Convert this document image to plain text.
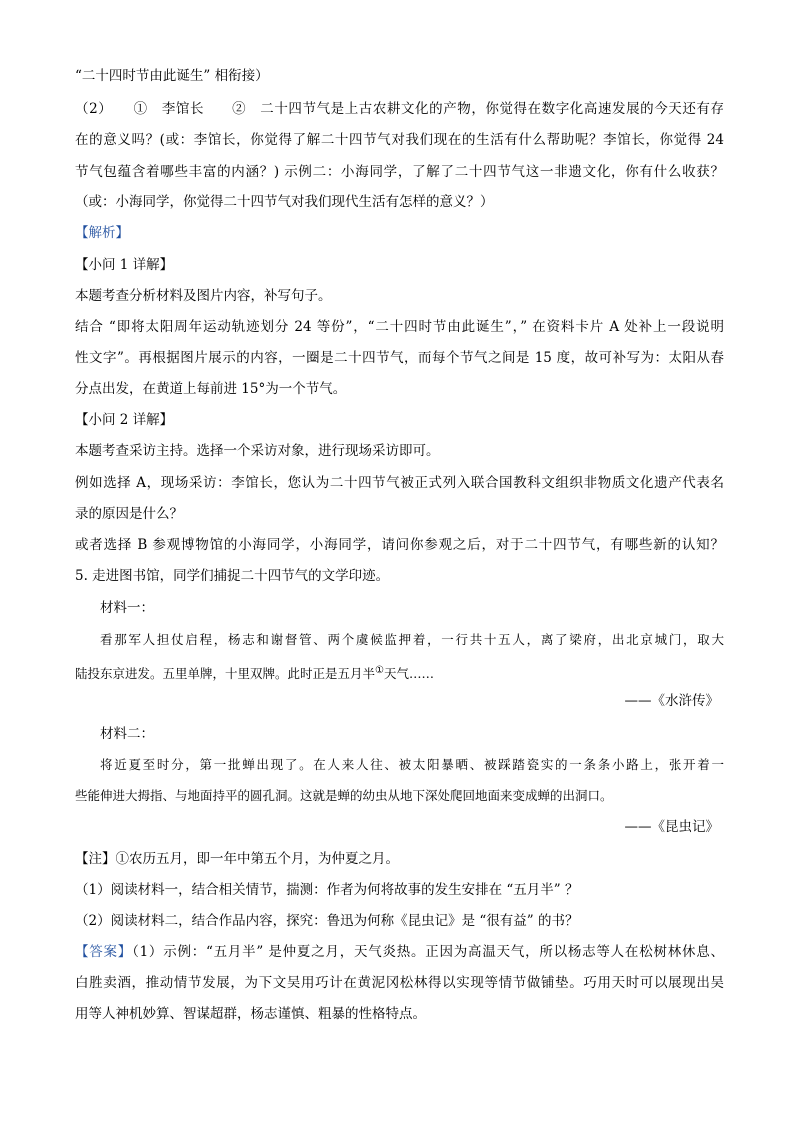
“二十四时节由此诞生” 相衔接）
（2）　　①　李馆长　　②　二十四节气是上古农耕文化的产物，你觉得在数字化高速发展的今天还有存
在的意义吗？(或：李馆长，你觉得了解二十四节气对我们现在的生活有什么帮助呢？李馆长，你觉得 24
节气包蕴含着哪些丰富的内涵？) 示例二：小海同学，了解了二十四节气这一非遗文化，你有什么收获？
（或：小海同学，你觉得二十四节气对我们现代生活有怎样的意义？）
【解析】
【小问 1 详解】
本题考查分析材料及图片内容，补写句子。
结合 “即将太阳周年运动轨迹划分 24 等份”，“二十四时节由此诞生”，” 在资料卡片 A 处补上一段说明
性文字”。再根据图片展示的内容，一圈是二十四节气，而每个节气之间是 15 度，故可补写为：太阳从春
分点出发，在黄道上每前进 15°为一个节气。
【小问 2 详解】
本题考查采访主持。选择一个采访对象，进行现场采访即可。
例如选择 A，现场采访：李馆长，您认为二十四节气被正式列入联合国教科文组织非物质文化遗产代表名
录的原因是什么？
或者选择 B 参观博物馆的小海同学，小海同学，请问你参观之后，对于二十四节气，有哪些新的认知？
5. 走进图书馆，同学们捕捉二十四节气的文学印迹。
材料一：
看那军人担仗启程，杨志和谢督管、两个虞候监押着，一行共十五人，离了梁府，出北京城门，取大
陆投东京进发。五里单牌，十里双牌。此时正是五月半①天气……
——《水浒传》
材料二：
将近夏至时分，第一批蝉出现了。在人来人往、被太阳暴晒、被踩踏瓷实的一条条小路上，张开着一
些能伸进大拇指、与地面持平的圆孔洞。这就是蝉的幼虫从地下深处爬回地面来变成蝉的出洞口。
——《昆虫记》
【注】①农历五月，即一年中第五个月，为仲夏之月。
（1）阅读材料一，结合相关情节，揣测：作者为何将故事的发生安排在 “五月半” ？
（2）阅读材料二，结合作品内容，探究：鲁迅为何称《昆虫记》是 “很有益” 的书？
【答案】（1）示例：“五月半” 是仲夏之月，天气炎热。正因为高温天气，所以杨志等人在松树林休息、
白胜卖酒，推动情节发展，为下文吴用巧计在黄泥冈松林得以实现等情节做铺垫。巧用天时可以展现出吴
用等人神机妙算、智谋超群，杨志谨慎、粗暴的性格特点。
